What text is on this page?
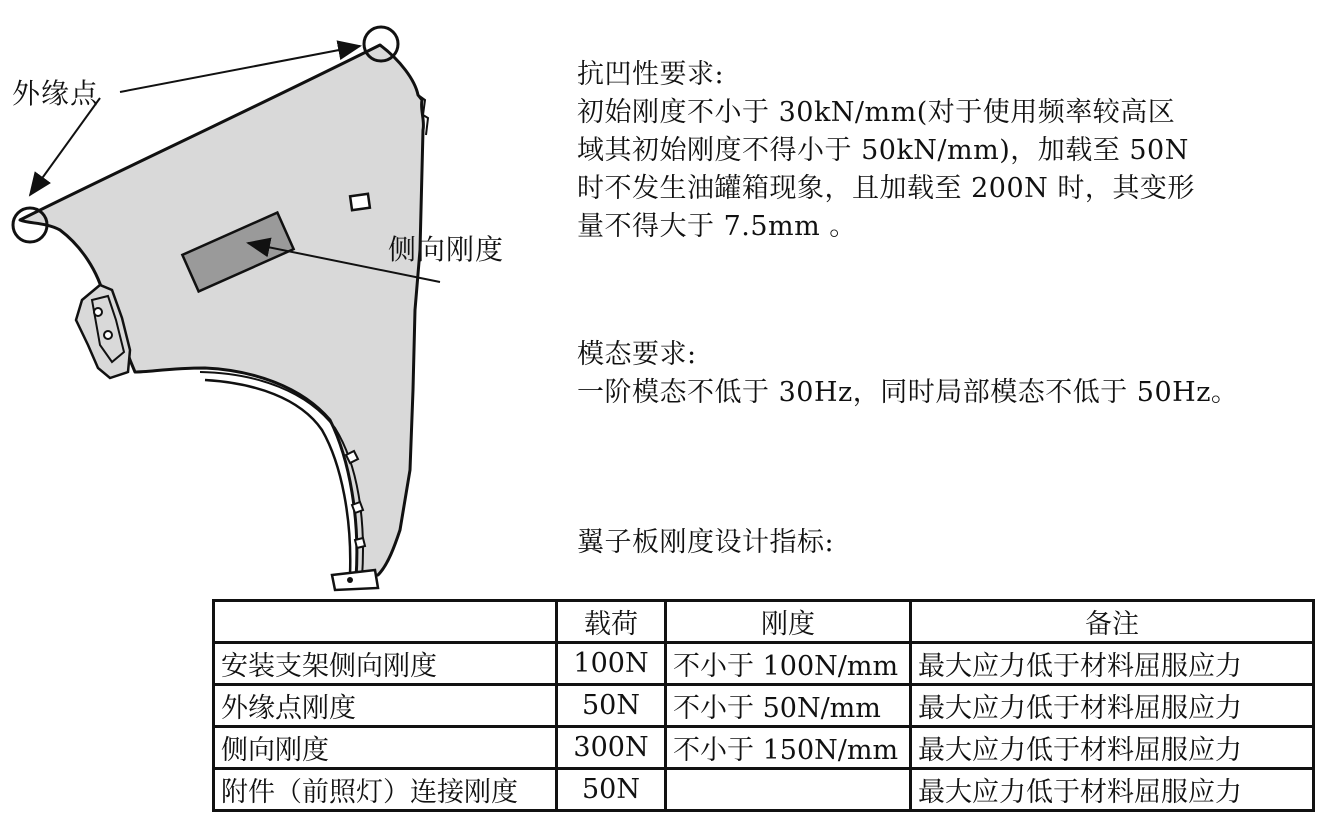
外缘点
侧向刚度
抗凹性要求:
初始刚度不小于 30kN/mm(对于使用频率较高区
域其初始刚度不得小于 50kN/mm)，加载至 50N
时不发生油罐箱现象，且加载至 200N 时，其变形
量不得大于 7.5mm 。
模态要求:
一阶模态不低于 30Hz，同时局部模态不低于 50Hz。
翼子板刚度设计指标:
	载荷	刚度	备注
安装支架侧向刚度	100N	不小于 100N/mm	最大应力低于材料屈服应力
外缘点刚度	50N	不小于 50N/mm	最大应力低于材料屈服应力
侧向刚度	300N	不小于 150N/mm	最大应力低于材料屈服应力
附件（前照灯）连接刚度	50N		最大应力低于材料屈服应力
